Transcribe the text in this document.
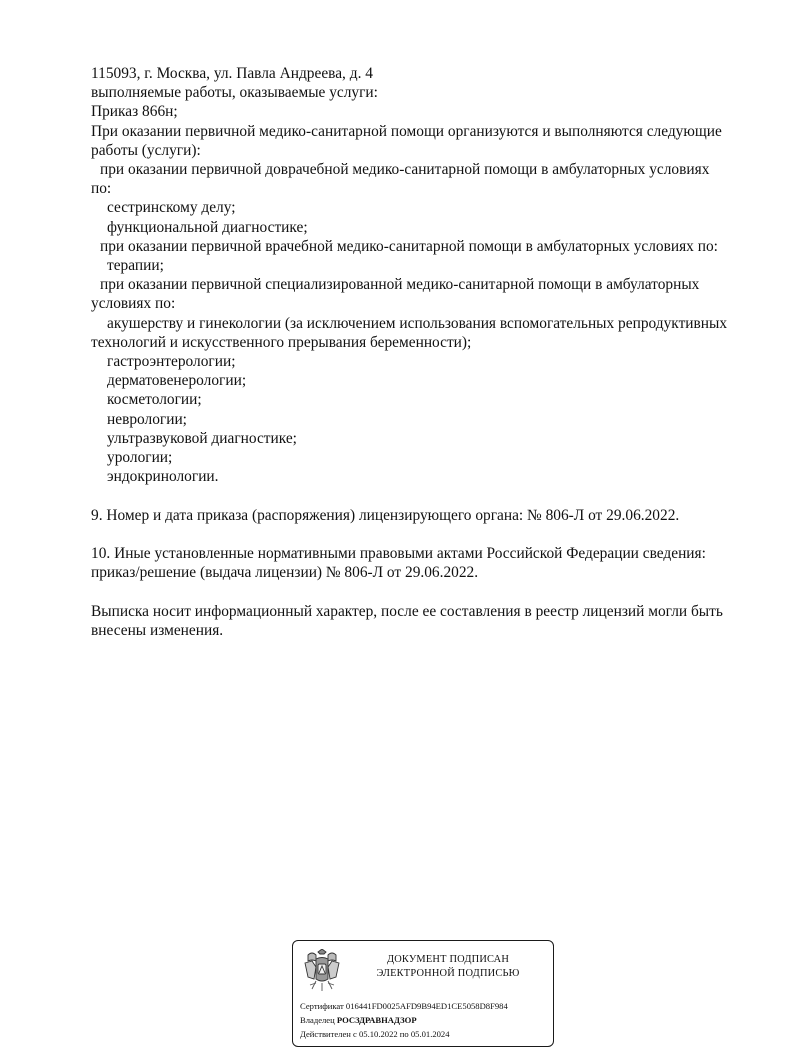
115093, г. Москва, ул. Павла Андреева, д. 4
выполняемые работы, оказываемые услуги:
Приказ 866н;
При оказании первичной медико-санитарной помощи организуются и выполняются следующие
работы (услуги):
при оказании первичной доврачебной медико-санитарной помощи в амбулаторных условиях
по:
сестринскому делу;
функциональной диагностике;
при оказании первичной врачебной медико-санитарной помощи в амбулаторных условиях по:
терапии;
при оказании первичной специализированной медико-санитарной помощи в амбулаторных
условиях по:
акушерству и гинекологии (за исключением использования вспомогательных репродуктивных
технологий и искусственного прерывания беременности);
гастроэнтерологии;
дерматовенерологии;
косметологии;
неврологии;
ультразвуковой диагностике;
урологии;
эндокринологии.
9. Номер и дата приказа (распоряжения) лицензирующего органа: № 806-Л от 29.06.2022.
10. Иные установленные нормативными правовыми актами Российской Федерации сведения:
приказ/решение (выдача лицензии) № 806-Л от 29.06.2022.
Выписка носит информационный характер, после ее составления в реестр лицензий могли быть
внесены изменения.
ДОКУМЕНТ ПОДПИСАН
ЭЛЕКТРОННОЙ ПОДПИСЬЮ
Сертификат 016441FD0025AFD9B94ED1CE5058D8F984
Владелец РОСЗДРАВНАДЗОР
Действителен с 05.10.2022 по 05.01.2024
